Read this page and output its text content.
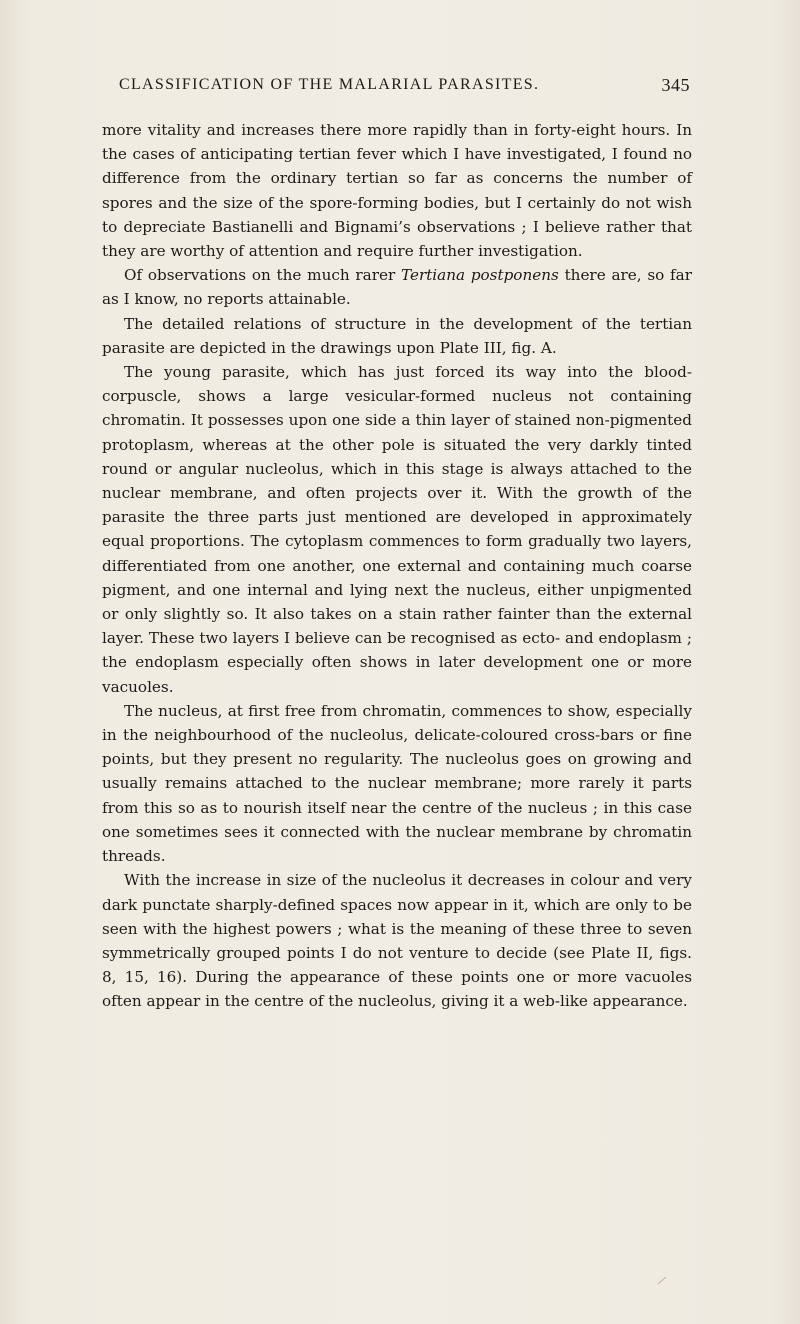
CLASSIFICATION OF THE MALARIAL PARASITES.	345

more vitality and increases there more rapidly than in forty-eight hours. In the cases of anticipating tertian fever which I have investigated, I found no difference from the ordinary tertian so far as concerns the number of spores and the size of the spore-forming bodies, but I certainly do not wish to depreciate Bastianelli and Bignami’s observations ; I believe rather that they are worthy of attention and require further investigation.

Of observations on the much rarer Tertiana postponens there are, so far as I know, no reports attainable.

The detailed relations of structure in the development of the tertian parasite are depicted in the drawings upon Plate III, fig. A.

The young parasite, which has just forced its way into the blood-corpuscle, shows a large vesicular-formed nucleus not containing chromatin. It possesses upon one side a thin layer of stained non-pigmented protoplasm, whereas at the other pole is situated the very darkly tinted round or angular nucleolus, which in this stage is always attached to the nuclear membrane, and often projects over it. With the growth of the parasite the three parts just mentioned are developed in approximately equal proportions. The cytoplasm commences to form gradually two layers, differentiated from one another, one external and containing much coarse pigment, and one internal and lying next the nucleus, either unpigmented or only slightly so. It also takes on a stain rather fainter than the external layer. These two layers I believe can be recognised as ecto- and endoplasm ; the endoplasm especially often shows in later development one or more vacuoles.

The nucleus, at first free from chromatin, commences to show, especially in the neighbourhood of the nucleolus, delicate-coloured cross-bars or fine points, but they present no regularity. The nucleolus goes on growing and usually remains attached to the nuclear membrane; more rarely it parts from this so as to nourish itself near the centre of the nucleus ; in this case one sometimes sees it connected with the nuclear membrane by chromatin threads.

With the increase in size of the nucleolus it decreases in colour and very dark punctate sharply-defined spaces now appear in it, which are only to be seen with the highest powers ; what is the meaning of these three to seven symmetrically grouped points I do not venture to decide (see Plate II, figs. 8, 15, 16). During the appearance of these points one or more vacuoles often appear in the centre of the nucleolus, giving it a web-like appearance.
